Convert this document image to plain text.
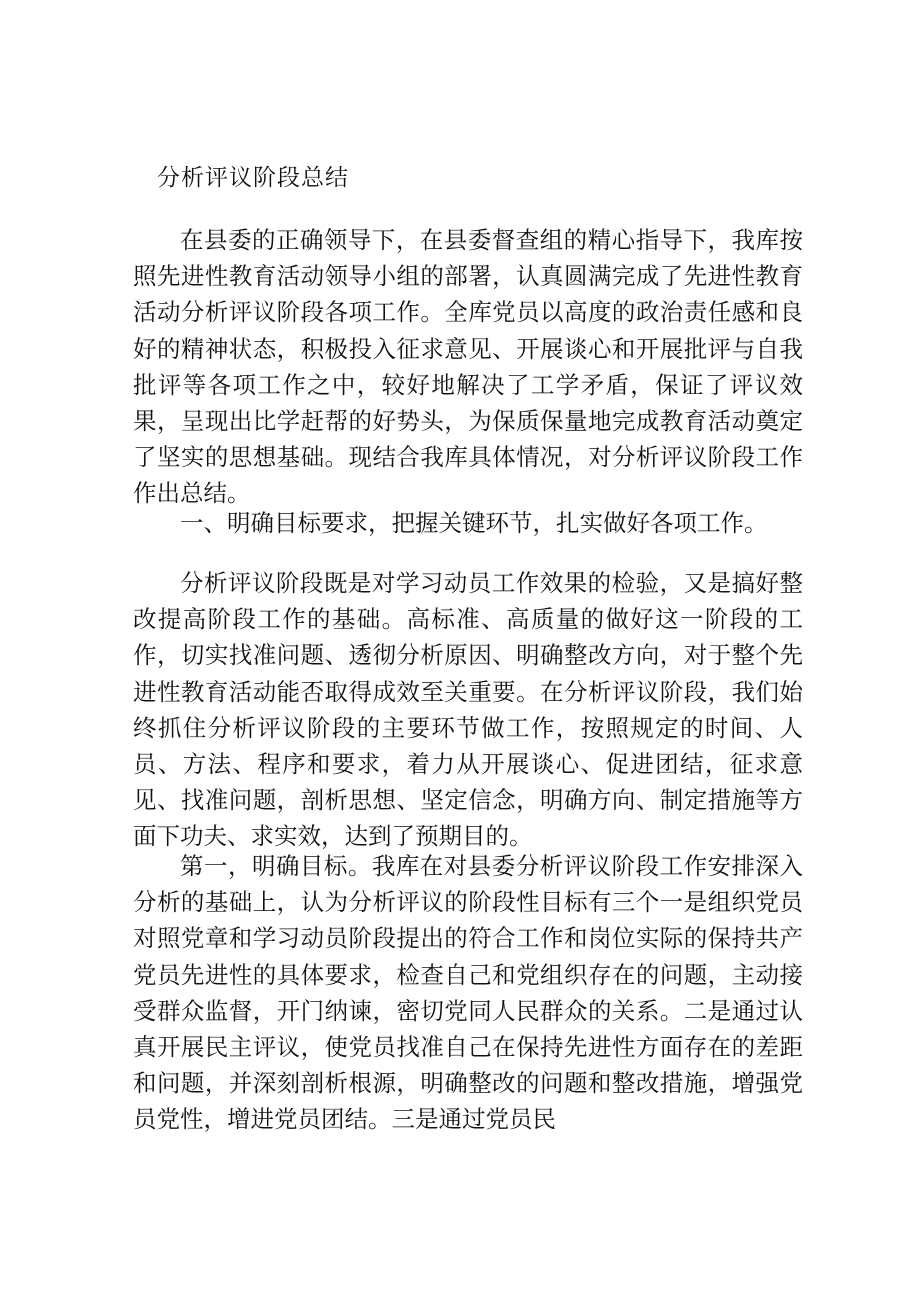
分析评议阶段总结

在县委的正确领导下，在县委督查组的精心指导下，我库按照先进性教育活动领导小组的部署，认真圆满完成了先进性教育活动分析评议阶段各项工作。全库党员以高度的政治责任感和良好的精神状态，积极投入征求意见、开展谈心和开展批评与自我批评等各项工作之中，较好地解决了工学矛盾，保证了评议效果，呈现出比学赶帮的好势头，为保质保量地完成教育活动奠定了坚实的思想基础。现结合我库具体情况，对分析评议阶段工作作出总结。

一、明确目标要求，把握关键环节，扎实做好各项工作。

分析评议阶段既是对学习动员工作效果的检验，又是搞好整改提高阶段工作的基础。高标准、高质量的做好这一阶段的工作，切实找准问题、透彻分析原因、明确整改方向，对于整个先进性教育活动能否取得成效至关重要。在分析评议阶段，我们始终抓住分析评议阶段的主要环节做工作，按照规定的时间、人员、方法、程序和要求，着力从开展谈心、促进团结，征求意见、找准问题，剖析思想、坚定信念，明确方向、制定措施等方面下功夫、求实效，达到了预期目的。

第一，明确目标。我库在对县委分析评议阶段工作安排深入分析的基础上，认为分析评议的阶段性目标有三个一是组织党员对照党章和学习动员阶段提出的符合工作和岗位实际的保持共产党员先进性的具体要求，检查自己和党组织存在的问题，主动接受群众监督，开门纳谏，密切党同人民群众的关系。二是通过认真开展民主评议，使党员找准自己在保持先进性方面存在的差距和问题，并深刻剖析根源，明确整改的问题和整改措施，增强党员党性，增进党员团结。三是通过党员民
